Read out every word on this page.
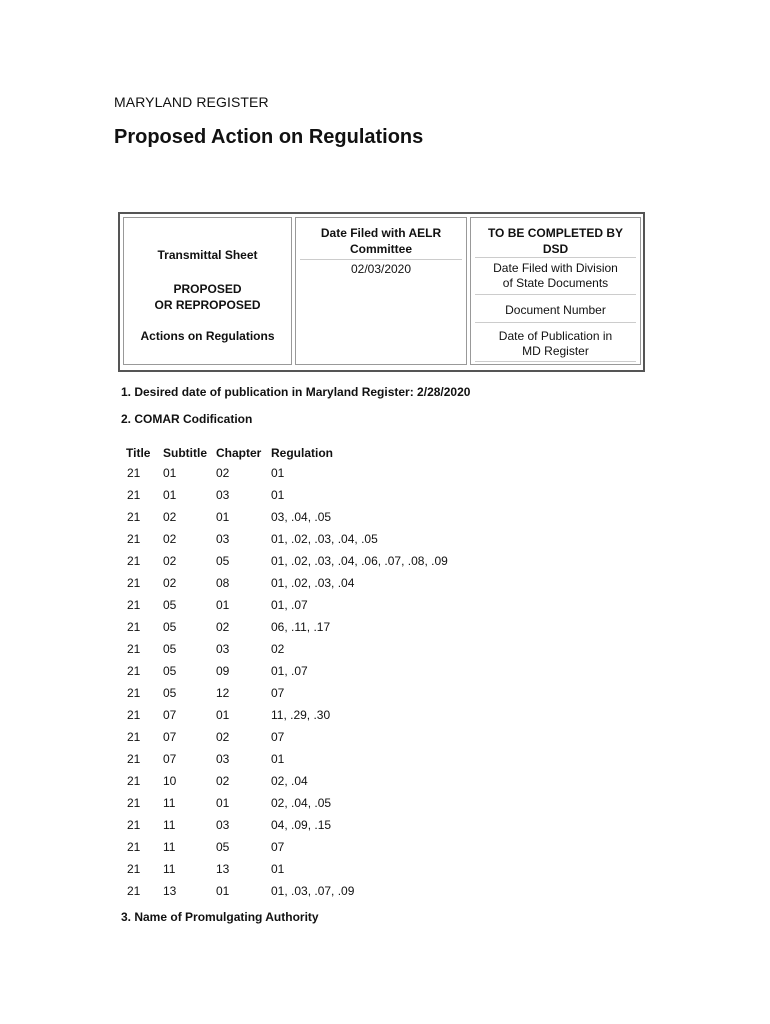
MARYLAND REGISTER
Proposed Action on Regulations
Transmittal Sheet
PROPOSED
OR REPROPOSED
Actions on Regulations
Date Filed with AELR Committee
02/03/2020
TO BE COMPLETED BY DSD
Date Filed with Division of State Documents
Document Number
Date of Publication in MD Register
1. Desired date of publication in Maryland Register: 2/28/2020
2. COMAR Codification
Title	Subtitle	Chapter	Regulation
21	01	02	01
21	01	03	01
21	02	01	03, .04, .05
21	02	03	01, .02, .03, .04, .05
21	02	05	01, .02, .03, .04, .06, .07, .08, .09
21	02	08	01, .02, .03, .04
21	05	01	01, .07
21	05	02	06, .11, .17
21	05	03	02
21	05	09	01, .07
21	05	12	07
21	07	01	11, .29, .30
21	07	02	07
21	07	03	01
21	10	02	02, .04
21	11	01	02, .04, .05
21	11	03	04, .09, .15
21	11	05	07
21	11	13	01
21	13	01	01, .03, .07, .09
3. Name of Promulgating Authority
